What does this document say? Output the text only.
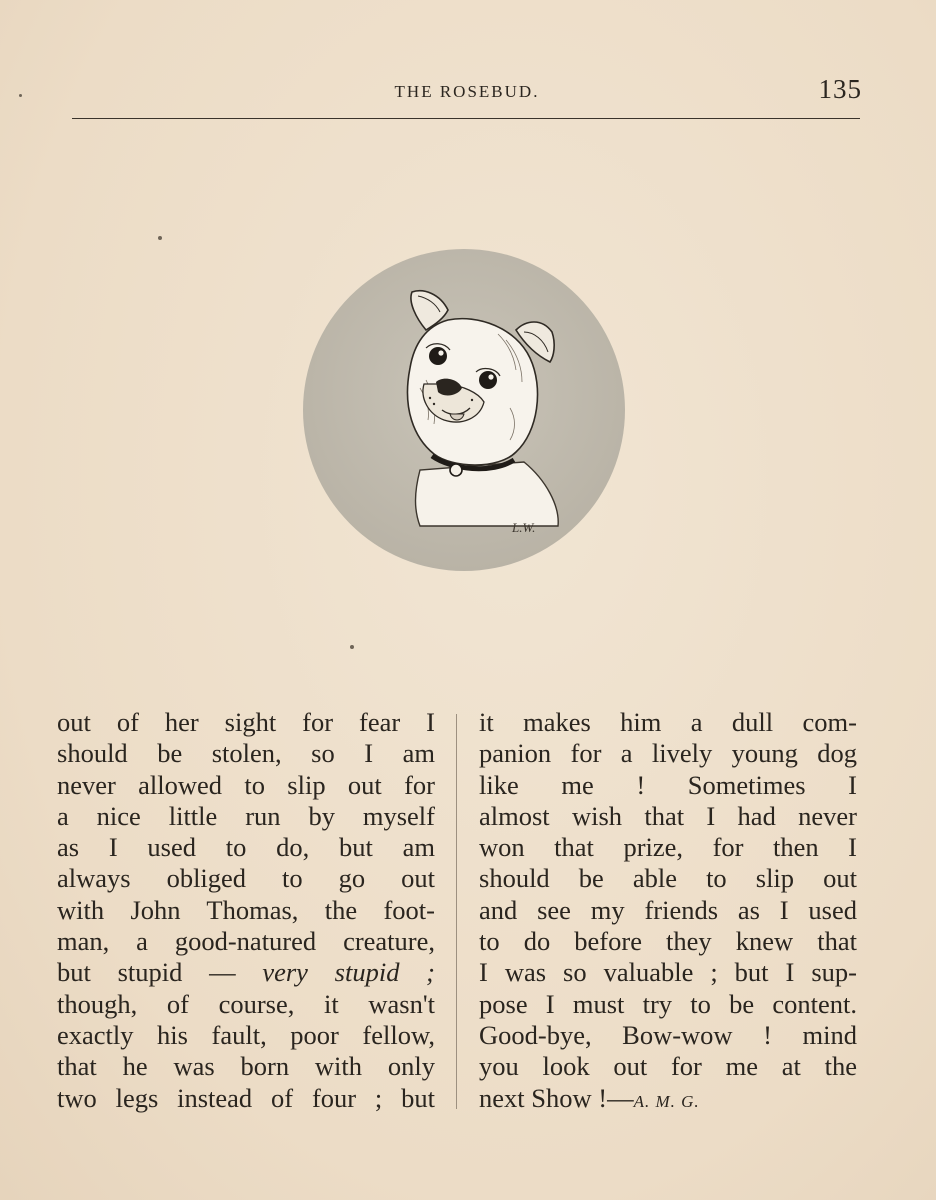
THE ROSEBUD.	135
L.W.
out of her sight for fear I
should be stolen, so I am
never allowed to slip out for
a nice little run by myself
as I used to do, but am
always obliged to go out
with John Thomas, the foot-
man, a good-natured creature,
but stupid — very stupid ;
though, of course, it wasn't
exactly his fault, poor fellow,
that he was born with only
two legs instead of four ; but
it makes him a dull com-
panion for a lively young dog
like me ! Sometimes I
almost wish that I had never
won that prize, for then I
should be able to slip out
and see my friends as I used
to do before they knew that
I was so valuable ; but I sup-
pose I must try to be content.
Good-bye, Bow-wow ! mind
you look out for me at the
next Show !—A. M. G.
